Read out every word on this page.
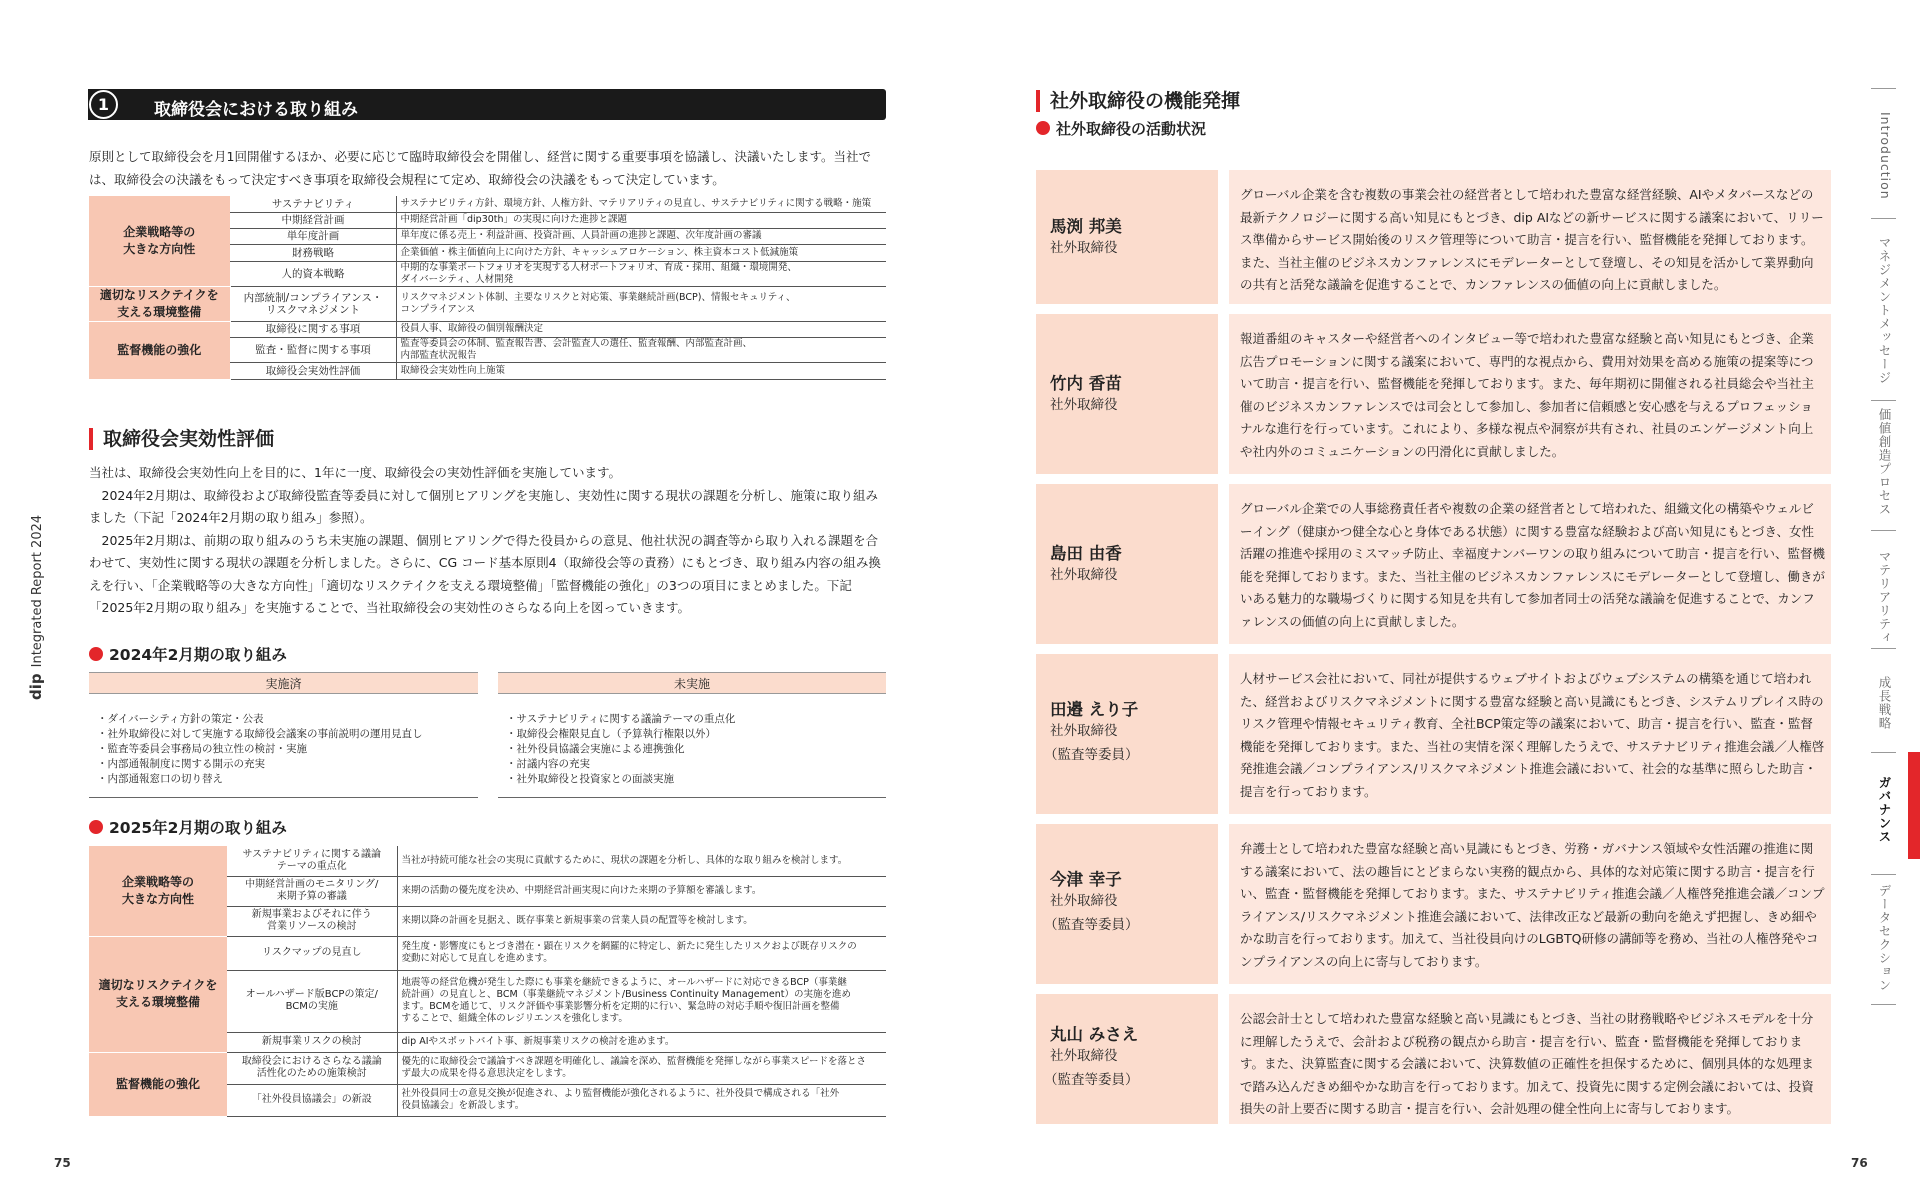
dipIntegrated Report 2024
75	76
1	取締役会における取り組み

原則として取締役会を月1回開催するほか、必要に応じて臨時取締役会を開催し、経営に関する重要事項を協議し、決議いたします。当社では、取締役会の決議をもって決定すべき事項を取締役会規程にて定め、取締役会の決議をもって決定しています。

企業戦略等の
大きな方向性	サステナビリティ	サステナビリティ方針、環境方針、人権方針、マテリアリティの見直し、サステナビリティに関する戦略・施策
	中期経営計画	中期経営計画「dip30th」の実現に向けた進捗と課題
	単年度計画	単年度に係る売上・利益計画、投資計画、人員計画の進捗と課題、次年度計画の審議
	財務戦略	企業価値・株主価値向上に向けた方針、キャッシュアロケーション、株主資本コスト低減施策
	人的資本戦略	中期的な事業ポートフォリオを実現する人材ポートフォリオ、育成・採用、組織・環境開発、
ダイバーシティ、人材開発
適切なリスクテイクを
支える環境整備	内部統制/コンプライアンス・
リスクマネジメント	リスクマネジメント体制、主要なリスクと対応策、事業継続計画(BCP)、情報セキュリティ、
コンプライアンス
監督機能の強化	取締役に関する事項	役員人事、取締役の個別報酬決定
	監査・監督に関する事項	監査等委員会の体制、監査報告書、会計監査人の選任、監査報酬、内部監査計画、
内部監査状況報告
	取締役会実効性評価	取締役会実効性向上施策
取締役会実効性評価

当社は、取締役会実効性向上を目的に、1年に一度、取締役会の実効性評価を実施しています。

2024年2月期は、取締役および取締役監査等委員に対して個別ヒアリングを実施し、実効性に関する現状の課題を分析し、施策に取り組みました（下記「2024年2月期の取り組み」参照）。

2025年2月期は、前期の取り組みのうち未実施の課題、個別ヒアリングで得た役員からの意見、他社状況の調査等から取り入れる課題を合わせて、実効性に関する現状の課題を分析しました。さらに、CG コード基本原則4（取締役会等の責務）にもとづき、取り組み内容の組み換えを行い、「企業戦略等の大きな方向性」「適切なリスクテイクを支える環境整備」「監督機能の強化」の3つの項目にまとめました。下記「2025年2月期の取り組み」を実施することで、当社取締役会の実効性のさらなる向上を図っていきます。

2024年2月期の取り組み
実施済
・ ダイバーシティ方針の策定・公表
・ 社外取締役に対して実施する取締役会議案の事前説明の運用見直し
・ 監査等委員会事務局の独立性の検討・実施
・ 内部通報制度に関する開示の充実
・ 内部通報窓口の切り替え
未実施
・ サステナビリティに関する議論テーマの重点化
・ 取締役会権限見直し（予算執行権限以外）
・ 社外役員協議会実施による連携強化
・ 討議内容の充実
・ 社外取締役と投資家との面談実施
2025年2月期の取り組み
企業戦略等の
大きな方向性	サステナビリティに関する議論
テーマの重点化	当社が持続可能な社会の実現に貢献するために、現状の課題を分析し、具体的な取り組みを検討します。
	中期経営計画のモニタリング/
来期予算の審議	来期の活動の優先度を決め、中期経営計画実現に向けた来期の予算額を審議します。
	新規事業およびそれに伴う
営業リソースの検討	来期以降の計画を見据え、既存事業と新規事業の営業人員の配置等を検討します。
適切なリスクテイクを
支える環境整備	リスクマップの見直し	発生度・影響度にもとづき潜在・顕在リスクを網羅的に特定し、新たに発生したリスクおよび既存リスクの
変動に対応して見直しを進めます。
	オールハザード版BCPの策定/
BCMの実施	地震等の経営危機が発生した際にも事業を継続できるように、オールハザードに対応できるBCP（事業継
続計画）の見直しと、BCM（事業継続マネジメント/Business Continuity Management）の実施を進め
ます。BCMを通じて、リスク評価や事業影響分析を定期的に行い、緊急時の対応手順や復旧計画を整備
することで、組織全体のレジリエンスを強化します。
	新規事業リスクの検討	dip AIやスポットバイト事、新規事業リスクの検討を進めます。
監督機能の強化	取締役会におけるさらなる議論
活性化のための施策検討	優先的に取締役会で議論すべき課題を明確化し、議論を深め、監督機能を発揮しながら事業スピードを落とさ
ず最大の成果を得る意思決定をします。
	「社外役員協議会」の新設	社外役員同士の意見交換が促進され、より監督機能が強化されるように、社外役員で構成される「社外
役員協議会」を新設します。
社外取締役の機能発揮
社外取締役の活動状況
馬渕 邦美
社外取締役

グローバル企業を含む複数の事業会社の経営者として培われた豊富な経営経験、AIやメタバースなどの最新テクノロジーに関する高い知見にもとづき、dip AIなどの新サービスに関する議案において、リリース準備からサービス開始後のリスク管理等について助言・提言を行い、監督機能を発揮しております。また、当社主催のビジネスカンファレンスにモデレーターとして登壇し、その知見を活かして業界動向の共有と活発な議論を促進することで、カンファレンスの価値の向上に貢献しました。

竹内 香苗
社外取締役

報道番組のキャスターや経営者へのインタビュー等で培われた豊富な経験と高い知見にもとづき、企業広告プロモーションに関する議案において、専門的な視点から、費用対効果を高める施策の提案等について助言・提言を行い、監督機能を発揮しております。また、毎年期初に開催される社員総会や当社主催のビジネスカンファレンスでは司会として参加し、参加者に信頼感と安心感を与えるプロフェッショナルな進行を行っています。これにより、多様な視点や洞察が共有され、社員のエンゲージメント向上や社内外のコミュニケーションの円滑化に貢献しました。

島田 由香
社外取締役

グローバル企業での人事総務責任者や複数の企業の経営者として培われた、組織文化の構築やウェルビーイング（健康かつ健全な心と身体である状態）に関する豊富な経験および高い知見にもとづき、女性活躍の推進や採用のミスマッチ防止、幸福度ナンバーワンの取り組みについて助言・提言を行い、監督機能を発揮しております。また、当社主催のビジネスカンファレンスにモデレーターとして登壇し、働きがいある魅力的な職場づくりに関する知見を共有して参加者同士の活発な議論を促進することで、カンファレンスの価値の向上に貢献しました。

田邉 えり子
社外取締役
（監査等委員）

人材サービス会社において、同社が提供するウェブサイトおよびウェブシステムの構築を通じて培われた、経営およびリスクマネジメントに関する豊富な経験と高い見識にもとづき、システムリプレイス時のリスク管理や情報セキュリティ教育、全社BCP策定等の議案において、助言・提言を行い、監査・監督機能を発揮しております。また、当社の実情を深く理解したうえで、サステナビリティ推進会議／人権啓発推進会議／コンプライアンス/リスクマネジメント推進会議において、社会的な基準に照らした助言・提言を行っております。

今津 幸子
社外取締役
（監査等委員）

弁護士として培われた豊富な経験と高い見識にもとづき、労務・ガバナンス領域や女性活躍の推進に関する議案において、法の趣旨にとどまらない実務的観点から、具体的な対応策に関する助言・提言を行い、監査・監督機能を発揮しております。また、サステナビリティ推進会議／人権啓発推進会議／コンプライアンス/リスクマネジメント推進会議において、法律改正など最新の動向を絶えず把握し、きめ細やかな助言を行っております。加えて、当社役員向けのLGBTQ研修の講師等を務め、当社の人権啓発やコンプライアンスの向上に寄与しております。

丸山 みさえ
社外取締役
（監査等委員）

公認会計士として培われた豊富な経験と高い見識にもとづき、当社の財務戦略やビジネスモデルを十分に理解したうえで、会計および税務の観点から助言・提言を行い、監査・監督機能を発揮しております。また、決算監査に関する会議において、決算数値の正確性を担保するために、個別具体的な処理まで踏み込んだきめ細やかな助言を行っております。加えて、投資先に関する定例会議においては、投資損失の計上要否に関する助言・提言を行い、会計処理の健全性向上に寄与しております。

Introduction
マネジメントメッセージ
価値創造プロセス
マテリアリティ
成長戦略
ガバナンス
データセクション
